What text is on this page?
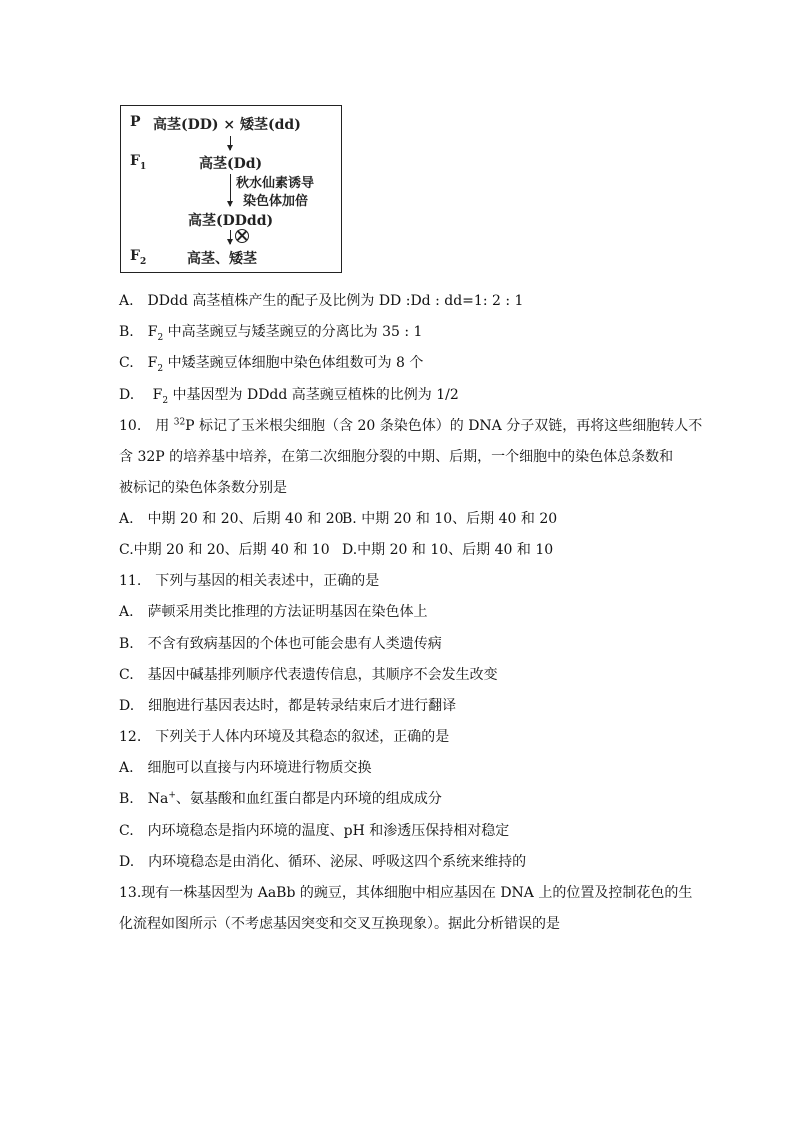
P 高茎(DD) × 矮茎(dd)
$F_1$	高茎(Dd)
秋水仙素诱导
染色体加倍
高茎(DDdd)
$F_2$	高茎、矮茎
A.　DDdd 高茎植株产生的配子及比例为 DD :Dd : dd=1: 2 : 1
B.　$F_2$ 中高茎豌豆与矮茎豌豆的分离比为 35 : 1
C.　$F_2$ 中矮茎豌豆体细胞中染色体组数可为 8 个
D.　 $F_2$ 中基因型为 DDdd 高茎豌豆植株的比例为 1/2
10.　用 $^{32}$P 标记了玉米根尖细胞（含 20 条染色体）的 DNA 分子双链，再将这些细胞转人不
含 32P 的培养基中培养，在第二次细胞分裂的中期、后期，一个细胞中的染色体总条数和
被标记的染色体条数分别是
A.　中期 20 和 20、后期 40 和 20
B. 中期 20 和 10、后期 40 和 20
C.中期 20 和 20、后期 40 和 10 D.中期 20 和 10、后期 40 和 10
11.　下列与基因的相关表述中，正确的是
A.　萨顿采用类比推理的方法证明基因在染色体上
B.　不含有致病基因的个体也可能会患有人类遗传病
C.　基因中碱基排列顺序代表遗传信息，其顺序不会发生改变
D.　细胞进行基因表达时，都是转录结束后才进行翻译
12.　下列关于人体内环境及其稳态的叙述，正确的是
A.　细胞可以直接与内环境进行物质交换
B.　Na+、氨基酸和血红蛋白都是内环境的组成成分
C.　内环境稳态是指内环境的温度、pH 和渗透压保持相对稳定
D.　内环境稳态是由消化、循环、泌尿、呼吸这四个系统来维持的
13.现有一株基因型为 AaBb 的豌豆，其体细胞中相应基因在 DNA 上的位置及控制花色的生
化流程如图所示（不考虑基因突变和交叉互换现象）。据此分析错误的是
